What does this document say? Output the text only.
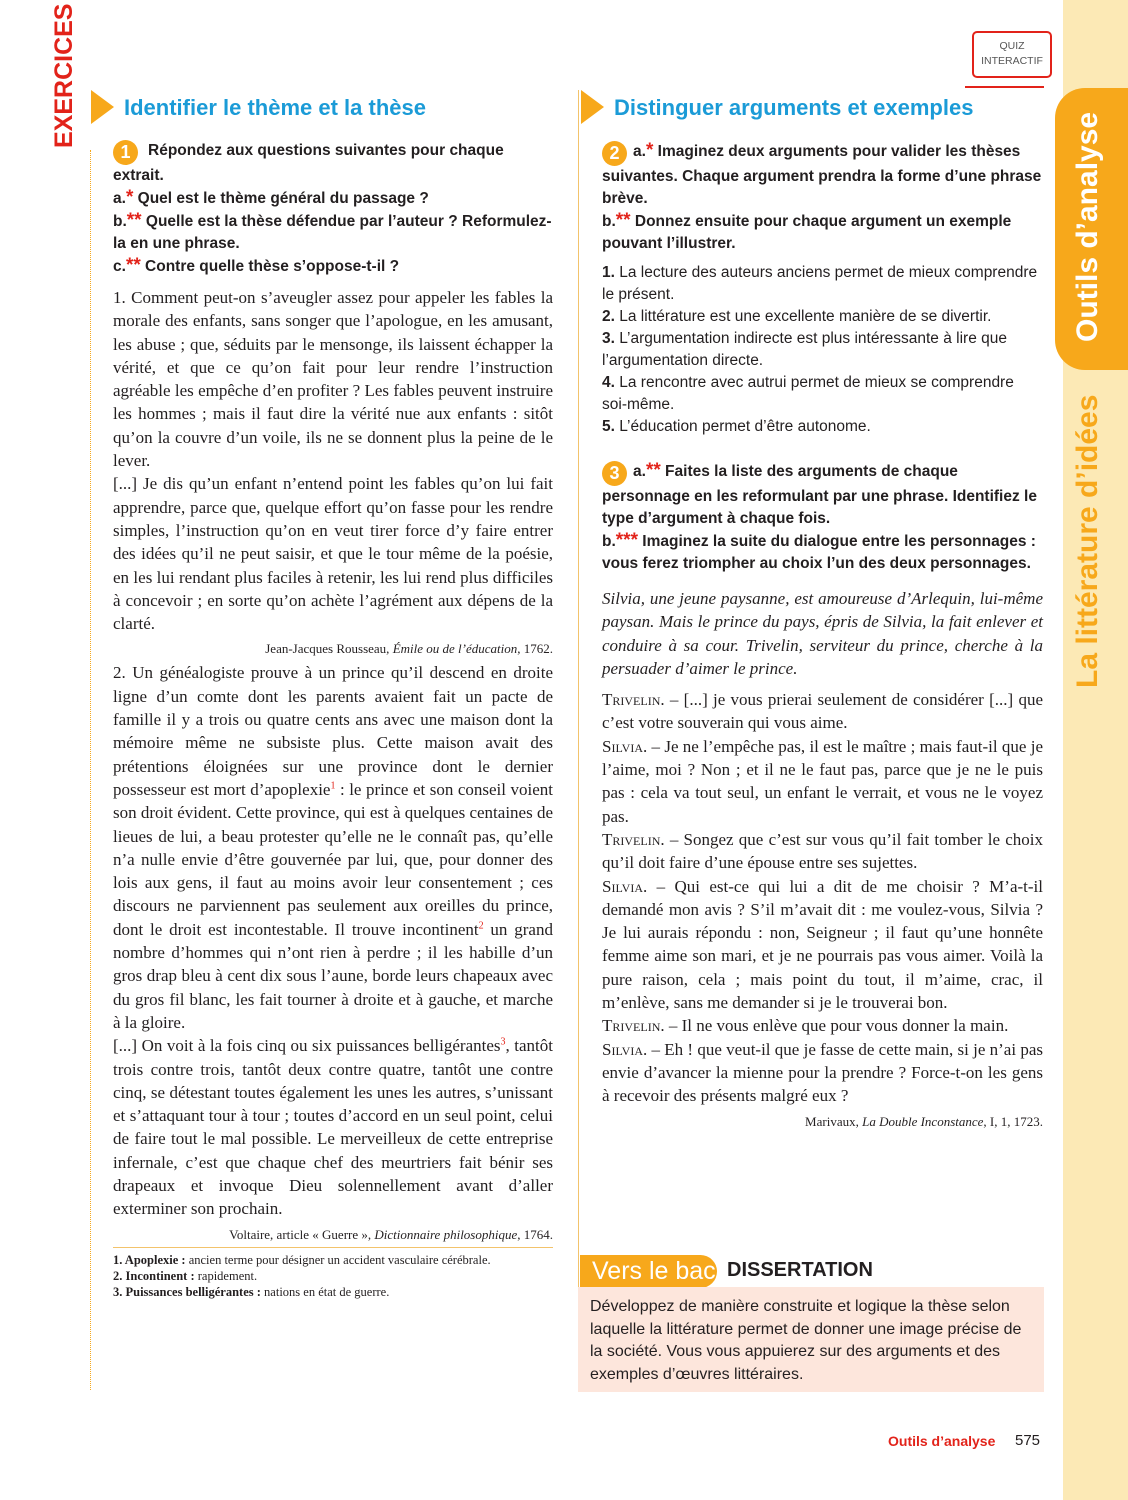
Outils d’analyse
La littérature d’idées
EXERCICES	QUIZ
INTERACTIF
Identifier le thème et la thèse	Distinguer arguments et exemples
1 Répondez aux questions suivantes pour chaque extrait.
a.* Quel est le thème général du passage ?
b.** Quelle est la thèse défendue par l’auteur ? Reformulez-la en une phrase.
c.** Contre quelle thèse s’oppose-t-il ?

1. Comment peut-on s’aveugler assez pour appeler les fables la morale des enfants, sans songer que l’apologue, en les amusant, les abuse ; que, séduits par le mensonge, ils laissent échapper la vérité, et que ce qu’on fait pour leur rendre l’instruction agréable les empêche d’en profiter ? Les fables peuvent instruire les hommes ; mais il faut dire la vérité nue aux enfants : sitôt qu’on la couvre d’un voile, ils ne se donnent plus la peine de le lever.

[...] Je dis qu’un enfant n’entend point les fables qu’on lui fait apprendre, parce que, quelque effort qu’on fasse pour les rendre simples, l’instruction qu’on en veut tirer force d’y faire entrer des idées qu’il ne peut saisir, et que le tour même de la poésie, en les lui rendant plus faciles à retenir, les lui rend plus difficiles à concevoir ; en sorte qu’on achète l’agrément aux dépens de la clarté.

Jean-Jacques Rousseau, Émile ou de l’éducation, 1762.

2. Un généalogiste prouve à un prince qu’il descend en droite ligne d’un comte dont les parents avaient fait un pacte de famille il y a trois ou quatre cents ans avec une maison dont la mémoire même ne subsiste plus. Cette maison avait des prétentions éloignées sur une province dont le dernier possesseur est mort d’apoplexie$^1$ : le prince et son conseil voient son droit évident. Cette province, qui est à quelques centaines de lieues de lui, a beau protester qu’elle ne le connaît pas, qu’elle n’a nulle envie d’être gouvernée par lui, que, pour donner des lois aux gens, il faut au moins avoir leur consentement ; ces discours ne parviennent pas seulement aux oreilles du prince, dont le droit est incontestable. Il trouve incontinent$^2$ un grand nombre d’hommes qui n’ont rien à perdre ; il les habille d’un gros drap bleu à cent dix sous l’aune, borde leurs chapeaux avec du gros fil blanc, les fait tourner à droite et à gauche, et marche à la gloire.

[...] On voit à la fois cinq ou six puissances belligérantes$^3$, tantôt trois contre trois, tantôt deux contre quatre, tantôt une contre cinq, se détestant toutes également les unes les autres, s’unissant et s’attaquant tour à tour ; toutes d’accord en un seul point, celui de faire tout le mal possible. Le merveilleux de cette entreprise infernale, c’est que chaque chef des meurtriers fait bénir ses drapeaux et invoque Dieu solennellement avant d’aller exterminer son prochain.

Voltaire, article « Guerre », Dictionnaire philosophique, 1764.
1. Apoplexie : ancien terme pour désigner un accident vasculaire cérébrale.
2. Incontinent : rapidement.
3. Puissances belligérantes : nations en état de guerre.
2 a.* Imaginez deux arguments pour valider les thèses suivantes. Chaque argument prendra la forme d’une phrase brève.
b.** Donnez ensuite pour chaque argument un exemple pouvant l’illustrer.
1. La lecture des auteurs anciens permet de mieux comprendre le présent.
2. La littérature est une excellente manière de se divertir.
3. L’argumentation indirecte est plus intéressante à lire que l’argumentation directe.
4. La rencontre avec autrui permet de mieux se comprendre soi-même.
5. L’éducation permet d’être autonome.
3 a.** Faites la liste des arguments de chaque personnage en les reformulant par une phrase. Identifiez le type d’argument à chaque fois.
b.*** Imaginez la suite du dialogue entre les personnages : vous ferez triompher au choix l’un des deux personnages.

Silvia, une jeune paysanne, est amoureuse d’Arlequin, lui-même paysan. Mais le prince du pays, épris de Silvia, la fait enlever et conduire à sa cour. Trivelin, serviteur du prince, cherche à la persuader d’aimer le prince.

Trivelin. – [...] je vous prierai seulement de considérer [...] que c’est votre souverain qui vous aime.

Silvia. – Je ne l’empêche pas, il est le maître ; mais faut-il que je l’aime, moi ? Non ; et il ne le faut pas, parce que je ne le puis pas : cela va tout seul, un enfant le verrait, et vous ne le voyez pas.

Trivelin. – Songez que c’est sur vous qu’il fait tomber le choix qu’il doit faire d’une épouse entre ses sujettes.

Silvia. – Qui est-ce qui lui a dit de me choisir ? M’a-t-il demandé mon avis ? S’il m’avait dit : me voulez-vous, Silvia ? Je lui aurais répondu : non, Seigneur ; il faut qu’une honnête femme aime son mari, et je ne pourrais pas vous aimer. Voilà la pure raison, cela ; mais point du tout, il m’aime, crac, il m’enlève, sans me demander si je le trouverai bon.

Trivelin. – Il ne vous enlève que pour vous donner la main.

Silvia. – Eh ! que veut-il que je fasse de cette main, si je n’ai pas envie d’avancer la mienne pour la prendre ? Force-t-on les gens à recevoir des présents malgré eux ?

Marivaux, La Double Inconstance, I, 1, 1723.
Vers le bac DISSERTATION
Développez de manière construite et logique la thèse selon laquelle la littérature permet de donner une image précise de la société. Vous vous appuierez sur des arguments et des exemples d’œuvres littéraires.
Outils d’analyse 575
